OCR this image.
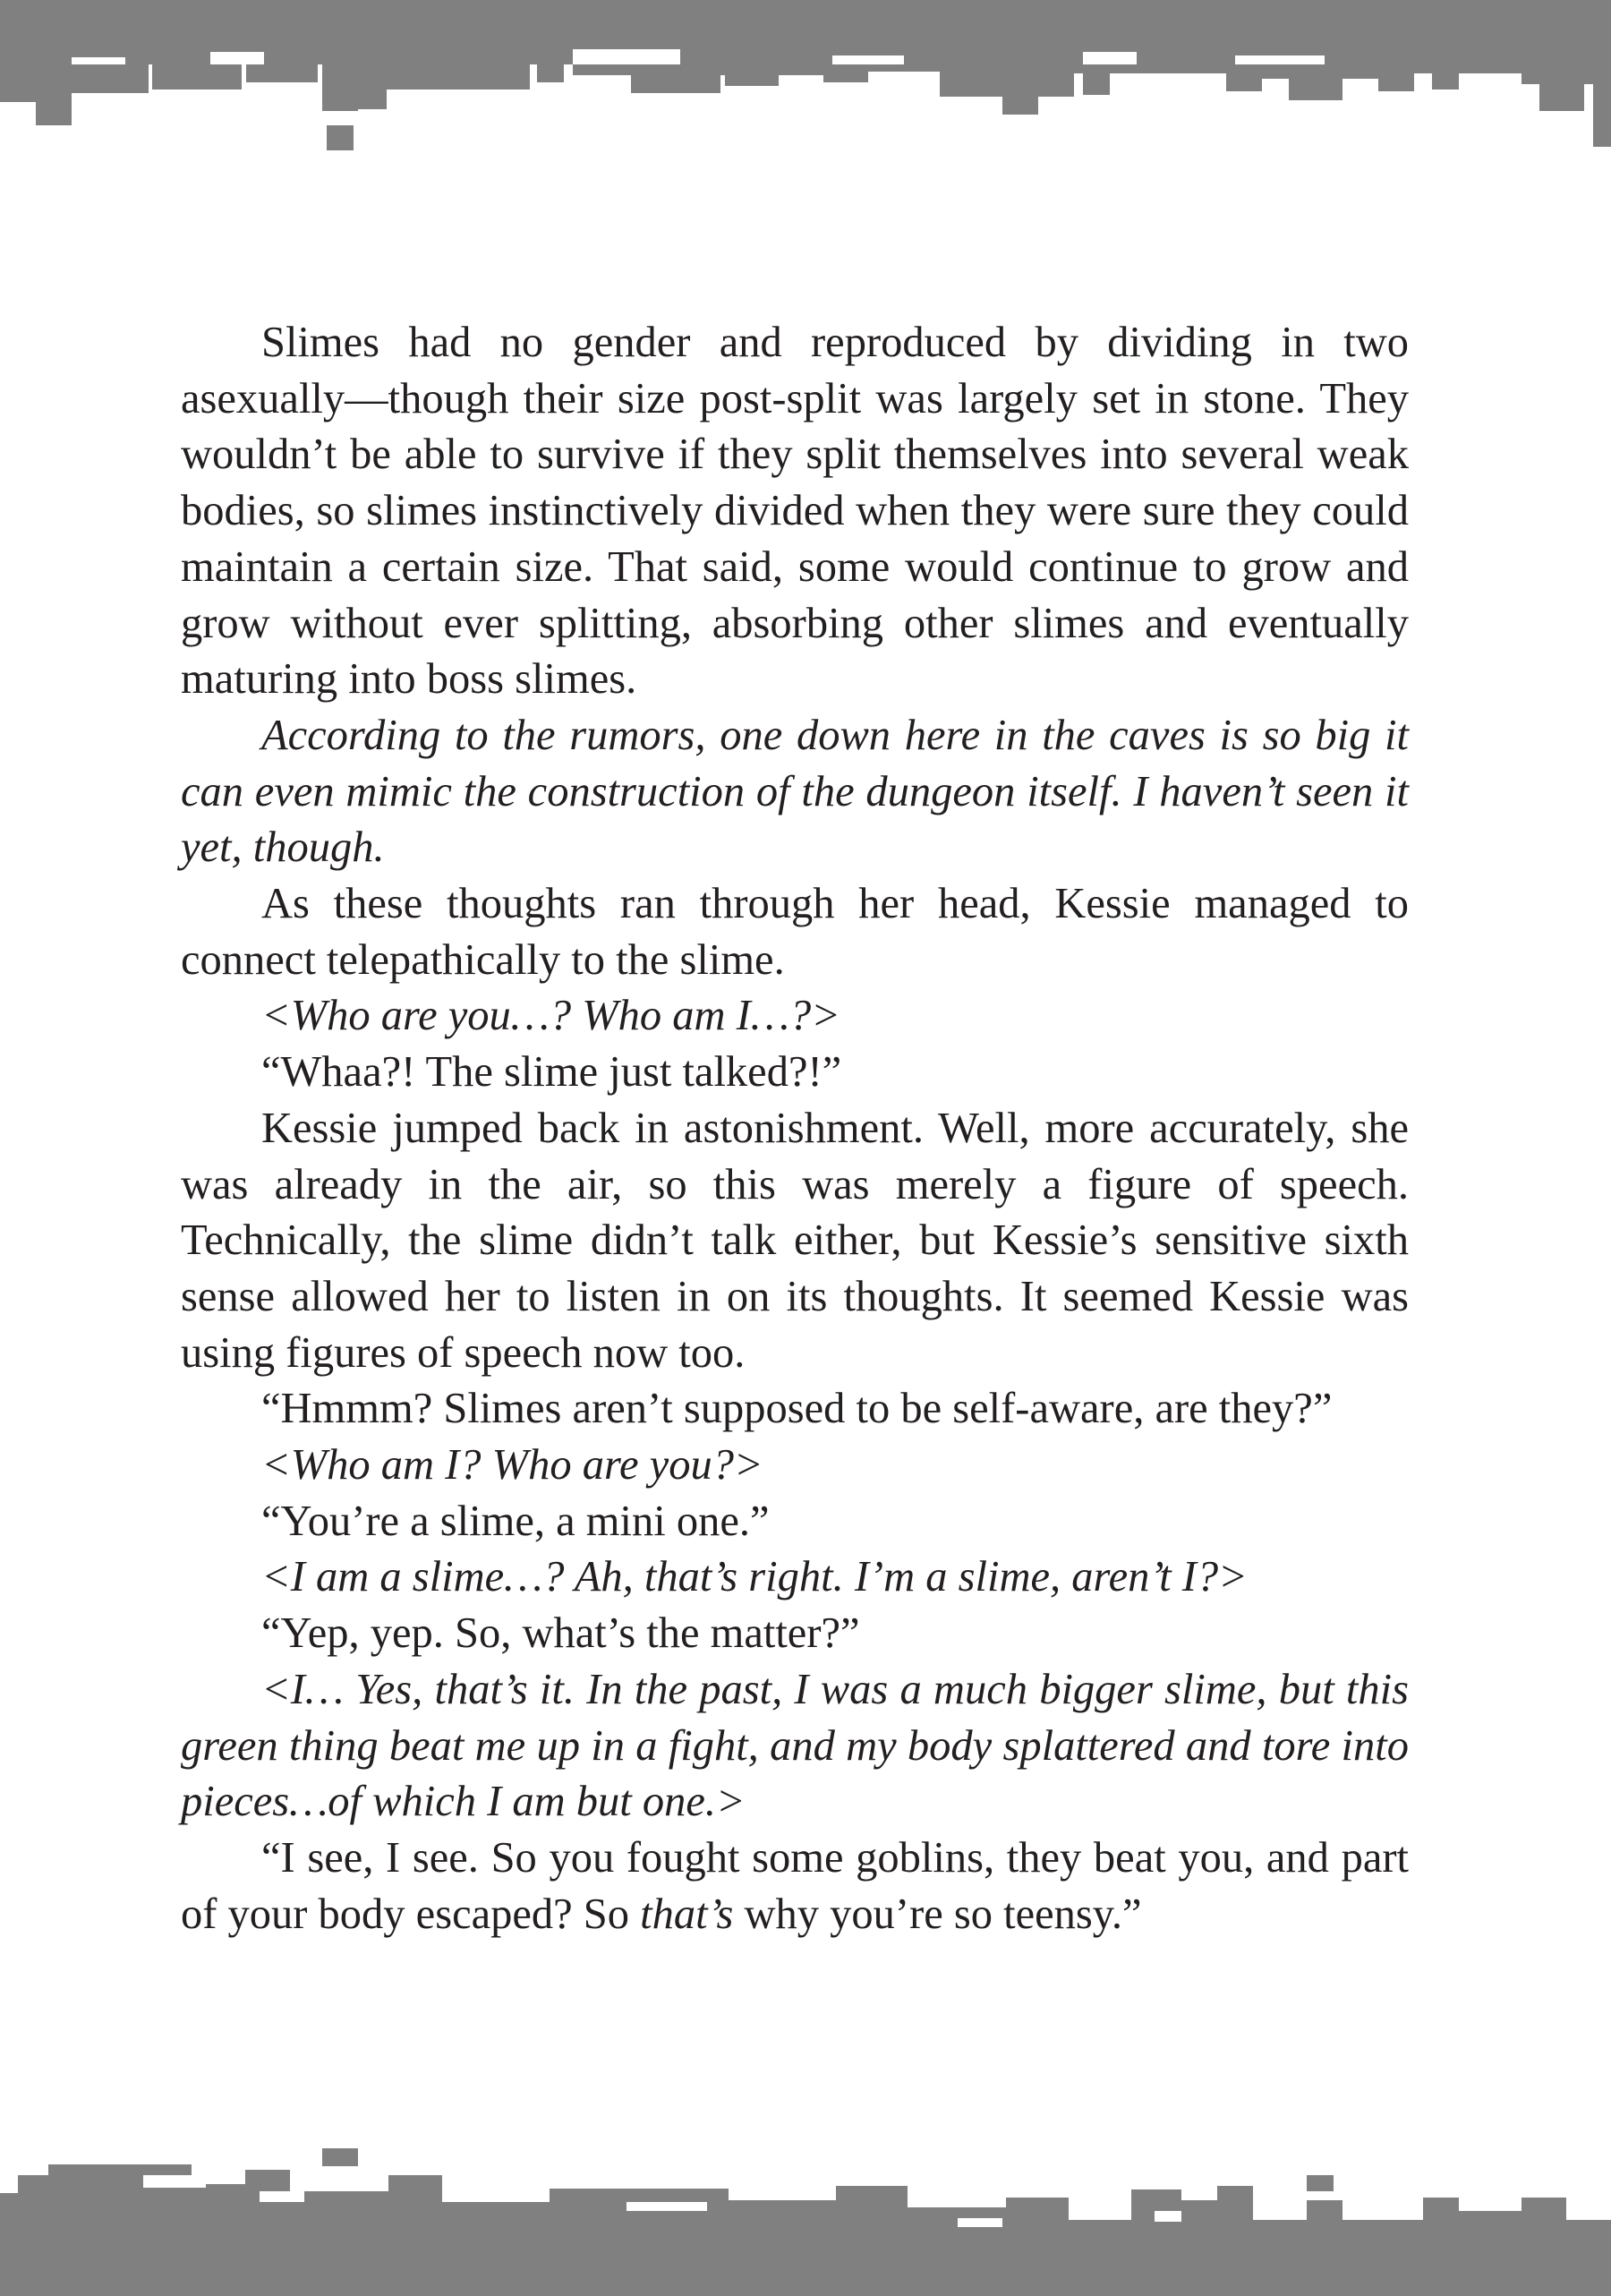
Slimes had no gender and reproduced by dividing in two asexually—though their size post-split was largely set in stone. They wouldn’t be able to survive if they split themselves into several weak bodies, so slimes instinctively divided when they were sure they could maintain a certain size. That said, some would continue to grow and grow without ever splitting, absorbing other slimes and eventually maturing into boss slimes.

According to the rumors, one down here in the caves is so big it can even mimic the construction of the dungeon itself. I haven’t seen it yet, though.

As these thoughts ran through her head, Kessie managed to connect telepathically to the slime.

<Who are you…? Who am I…?>

“Whaa?! The slime just talked?!”

Kessie jumped back in astonishment. Well, more accurately, she was already in the air, so this was merely a figure of speech. Technically, the slime didn’t talk either, but Kessie’s sensitive sixth sense allowed her to listen in on its thoughts. It seemed Kessie was using figures of speech now too.

“Hmmm? Slimes aren’t supposed to be self-aware, are they?”

<Who am I? Who are you?>

“You’re a slime, a mini one.”

<I am a slime…? Ah, that’s right. I’m a slime, aren’t I?>

“Yep, yep. So, what’s the matter?”

<I… Yes, that’s it. In the past, I was a much bigger slime, but this green thing beat me up in a fight, and my body splattered and tore into pieces…of which I am but one.>

“I see, I see. So you fought some goblins, they beat you, and part of your body escaped? So that’s why you’re so teensy.”
